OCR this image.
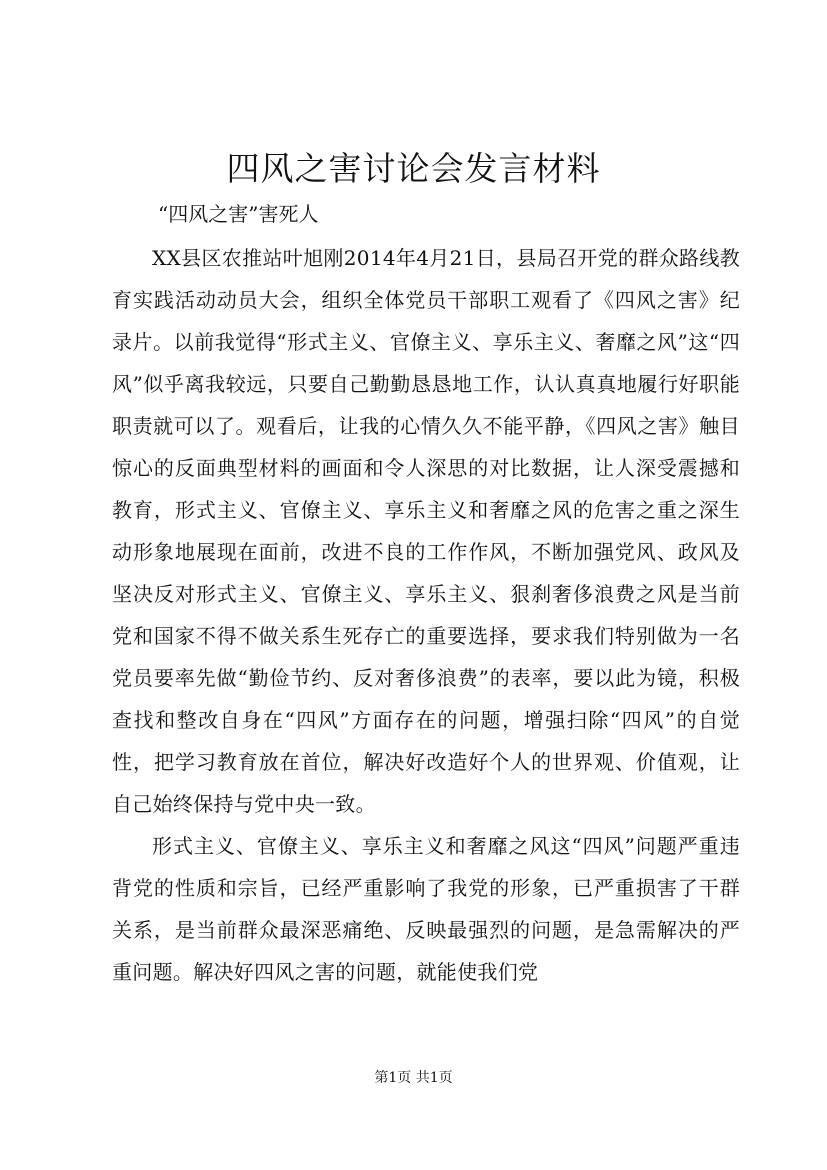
四风之害讨论会发言材料

“四风之害”害死人

XX县区农推站叶旭刚2014年4月21日，县局召开党的群众路线教育实践活动动员大会，组织全体党员干部职工观看了《四风之害》纪录片。以前我觉得“形式主义、官僚主义、享乐主义、奢靡之风”这“四风”似乎离我较远，只要自己勤勤恳恳地工作，认认真真地履行好职能职责就可以了。观看后，让我的心情久久不能平静，《四风之害》触目惊心的反面典型材料的画面和令人深思的对比数据，让人深受震撼和教育，形式主义、官僚主义、享乐主义和奢靡之风的危害之重之深生动形象地展现在面前，改进不良的工作作风，不断加强党风、政风及坚决反对形式主义、官僚主义、享乐主义、狠刹奢侈浪费之风是当前党和国家不得不做关系生死存亡的重要选择，要求我们特别做为一名党员要率先做“勤俭节约、反对奢侈浪费”的表率，要以此为镜，积极查找和整改自身在“四风”方面存在的问题，增强扫除“四风”的自觉性，把学习教育放在首位，解决好改造好个人的世界观、价值观，让自己始终保持与党中央一致。

形式主义、官僚主义、享乐主义和奢靡之风这“四风”问题严重违背党的性质和宗旨，已经严重影响了我党的形象，已严重损害了干群关系，是当前群众最深恶痛绝、反映最强烈的问题，是急需解决的严重问题。解决好四风之害的问题，就能使我们党

第1页 共1页
